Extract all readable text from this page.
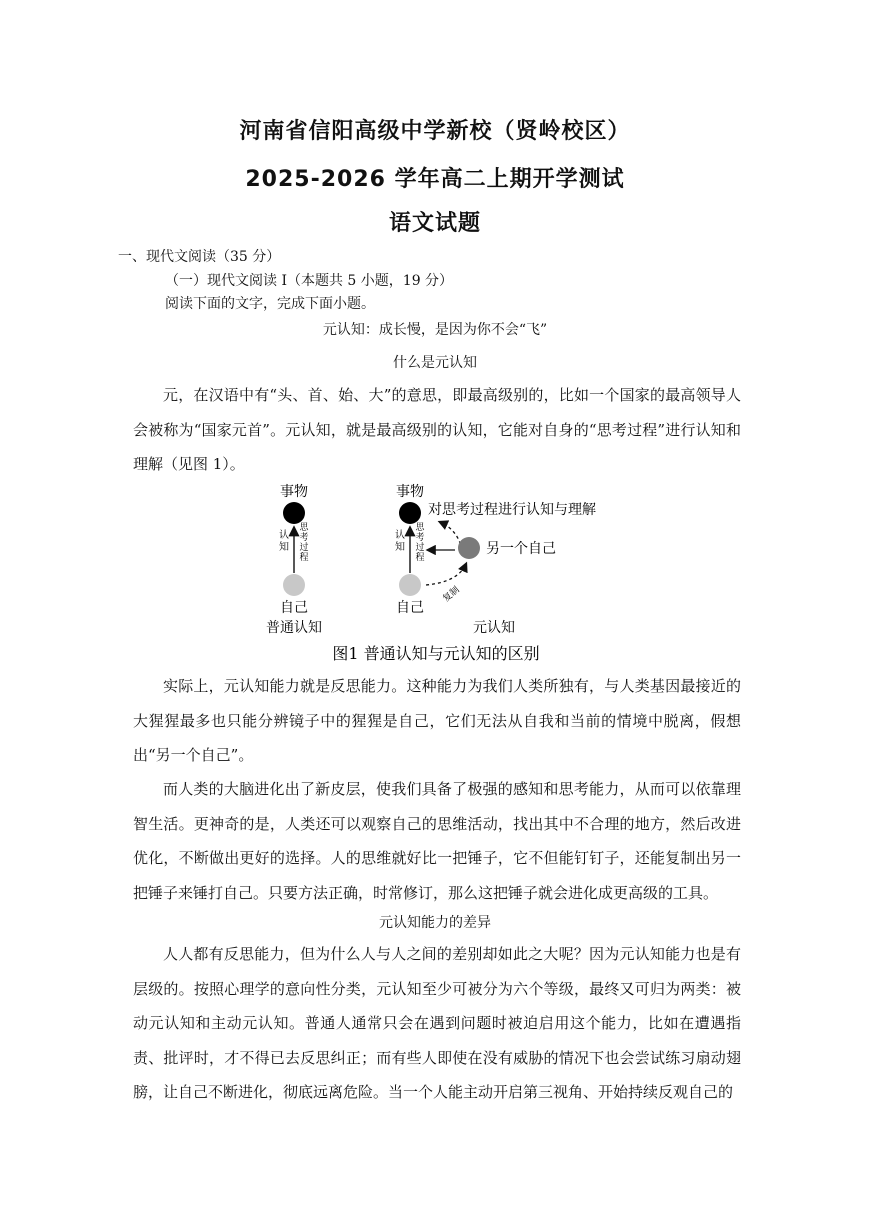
河南省信阳高级中学新校（贤岭校区）
2025-2026 学年高二上期开学测试
语文试题
一、现代文阅读（35 分）
（一）现代文阅读 I（本题共 5 小题，19 分）
阅读下面的文字，完成下面小题。
元认知：成长慢，是因为你不会“飞”
什么是元认知

元，在汉语中有“头、首、始、大”的意思，即最高级别的，比如一个国家的最高领导人会被称为“国家元首”。元认知，就是最高级别的认知，它能对自身的“思考过程”进行认知和理解（见图 1）。

事物
认知
思考过程
自己
普通认知
事物
对思考过程进行认知与理解
认知
思考过程
另一个自己
复制
自己
元认知
图1 普通认知与元认知的区别

实际上，元认知能力就是反思能力。这种能力为我们人类所独有，与人类基因最接近的大猩猩最多也只能分辨镜子中的猩猩是自己，它们无法从自我和当前的情境中脱离，假想出“另一个自己”。

而人类的大脑进化出了新皮层，使我们具备了极强的感知和思考能力，从而可以依靠理智生活。更神奇的是，人类还可以观察自己的思维活动，找出其中不合理的地方，然后改进优化，不断做出更好的选择。人的思维就好比一把锤子，它不但能钉钉子，还能复制出另一把锤子来锤打自己。只要方法正确，时常修订，那么这把锤子就会进化成更高级的工具。

元认知能力的差异

人人都有反思能力，但为什么人与人之间的差别却如此之大呢？因为元认知能力也是有层级的。按照心理学的意向性分类，元认知至少可被分为六个等级，最终又可归为两类：被动元认知和主动元认知。普通人通常只会在遇到问题时被迫启用这个能力，比如在遭遇指责、批评时，才不得已去反思纠正；而有些人即使在没有威胁的情况下也会尝试练习扇动翅膀，让自己不断进化，彻底远离危险。当一个人能主动开启第三视角、开始持续反观自己的
